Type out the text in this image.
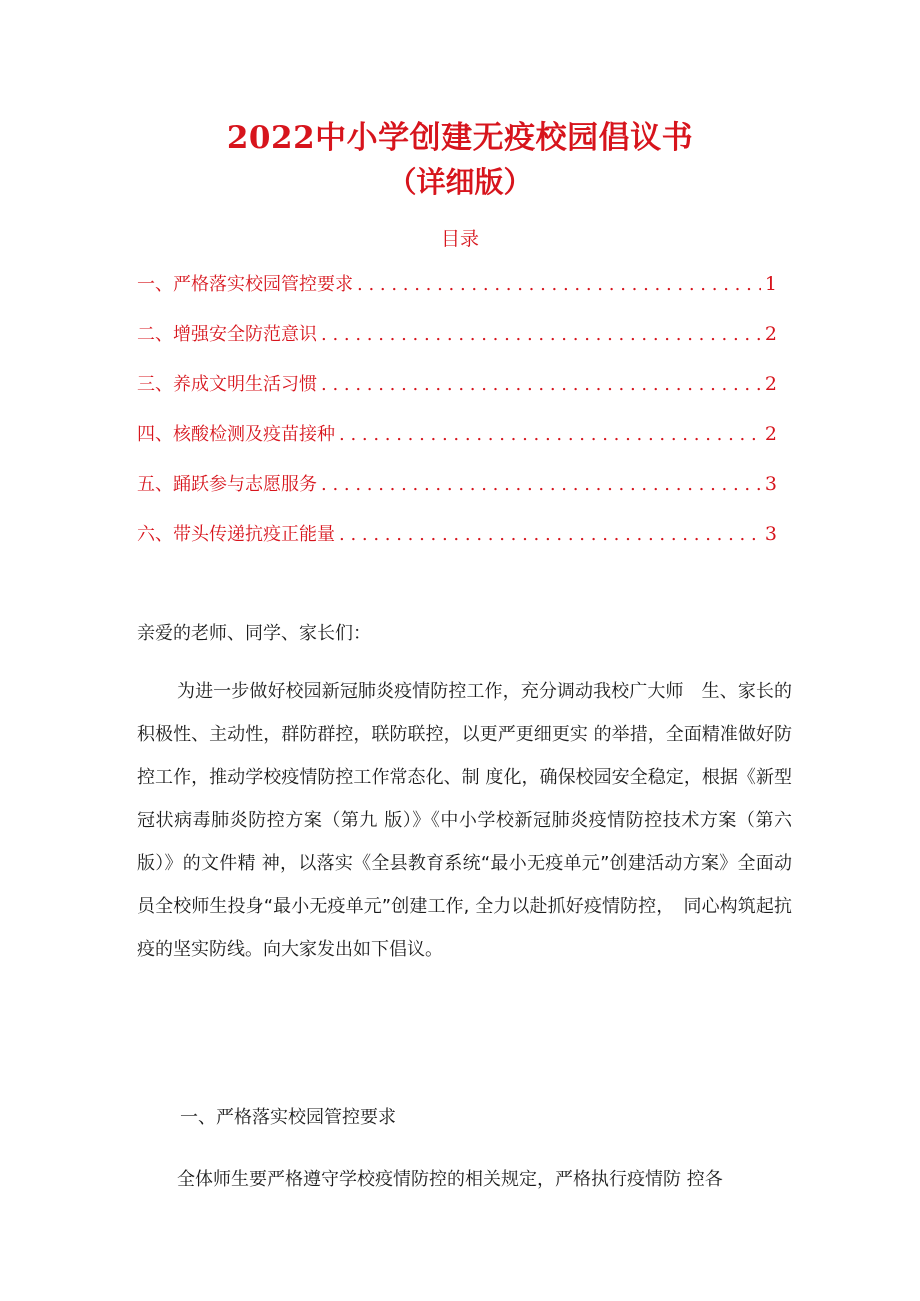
2022中小学创建无疫校园倡议书
（详细版）
目录
一、严格落实校园管控要求 . . .	1
二、增强安全防范意识 . . .	2
三、养成文明生活习惯 . . .	2
四、核酸检测及疫苗接种 . . .	2
五、踊跃参与志愿服务 . . .	3
六、带头传递抗疫正能量 . . .	3

亲爱的老师、同学、家长们：

为进一步做好校园新冠肺炎疫情防控工作，充分调动我校广大师　生、家长的积极性、主动性，群防群控，联防联控，以更严更细更实 的举措，全面精准做好防控工作，推动学校疫情防控工作常态化、制 度化，确保校园安全稳定，根据《新型冠状病毒肺炎防控方案（第九 版）》《中小学校新冠肺炎疫情防控技术方案（第六版）》的文件精 神，以落实《全县教育系统“最小无疫单元”创建活动方案》全面动 员全校师生投身“最小无疫单元”创建工作, 全力以赴抓好疫情防控，　同心构筑起抗疫的坚实防线。向大家发出如下倡议。

一、严格落实校园管控要求

全体师生要严格遵守学校疫情防控的相关规定，严格执行疫情防 控各
